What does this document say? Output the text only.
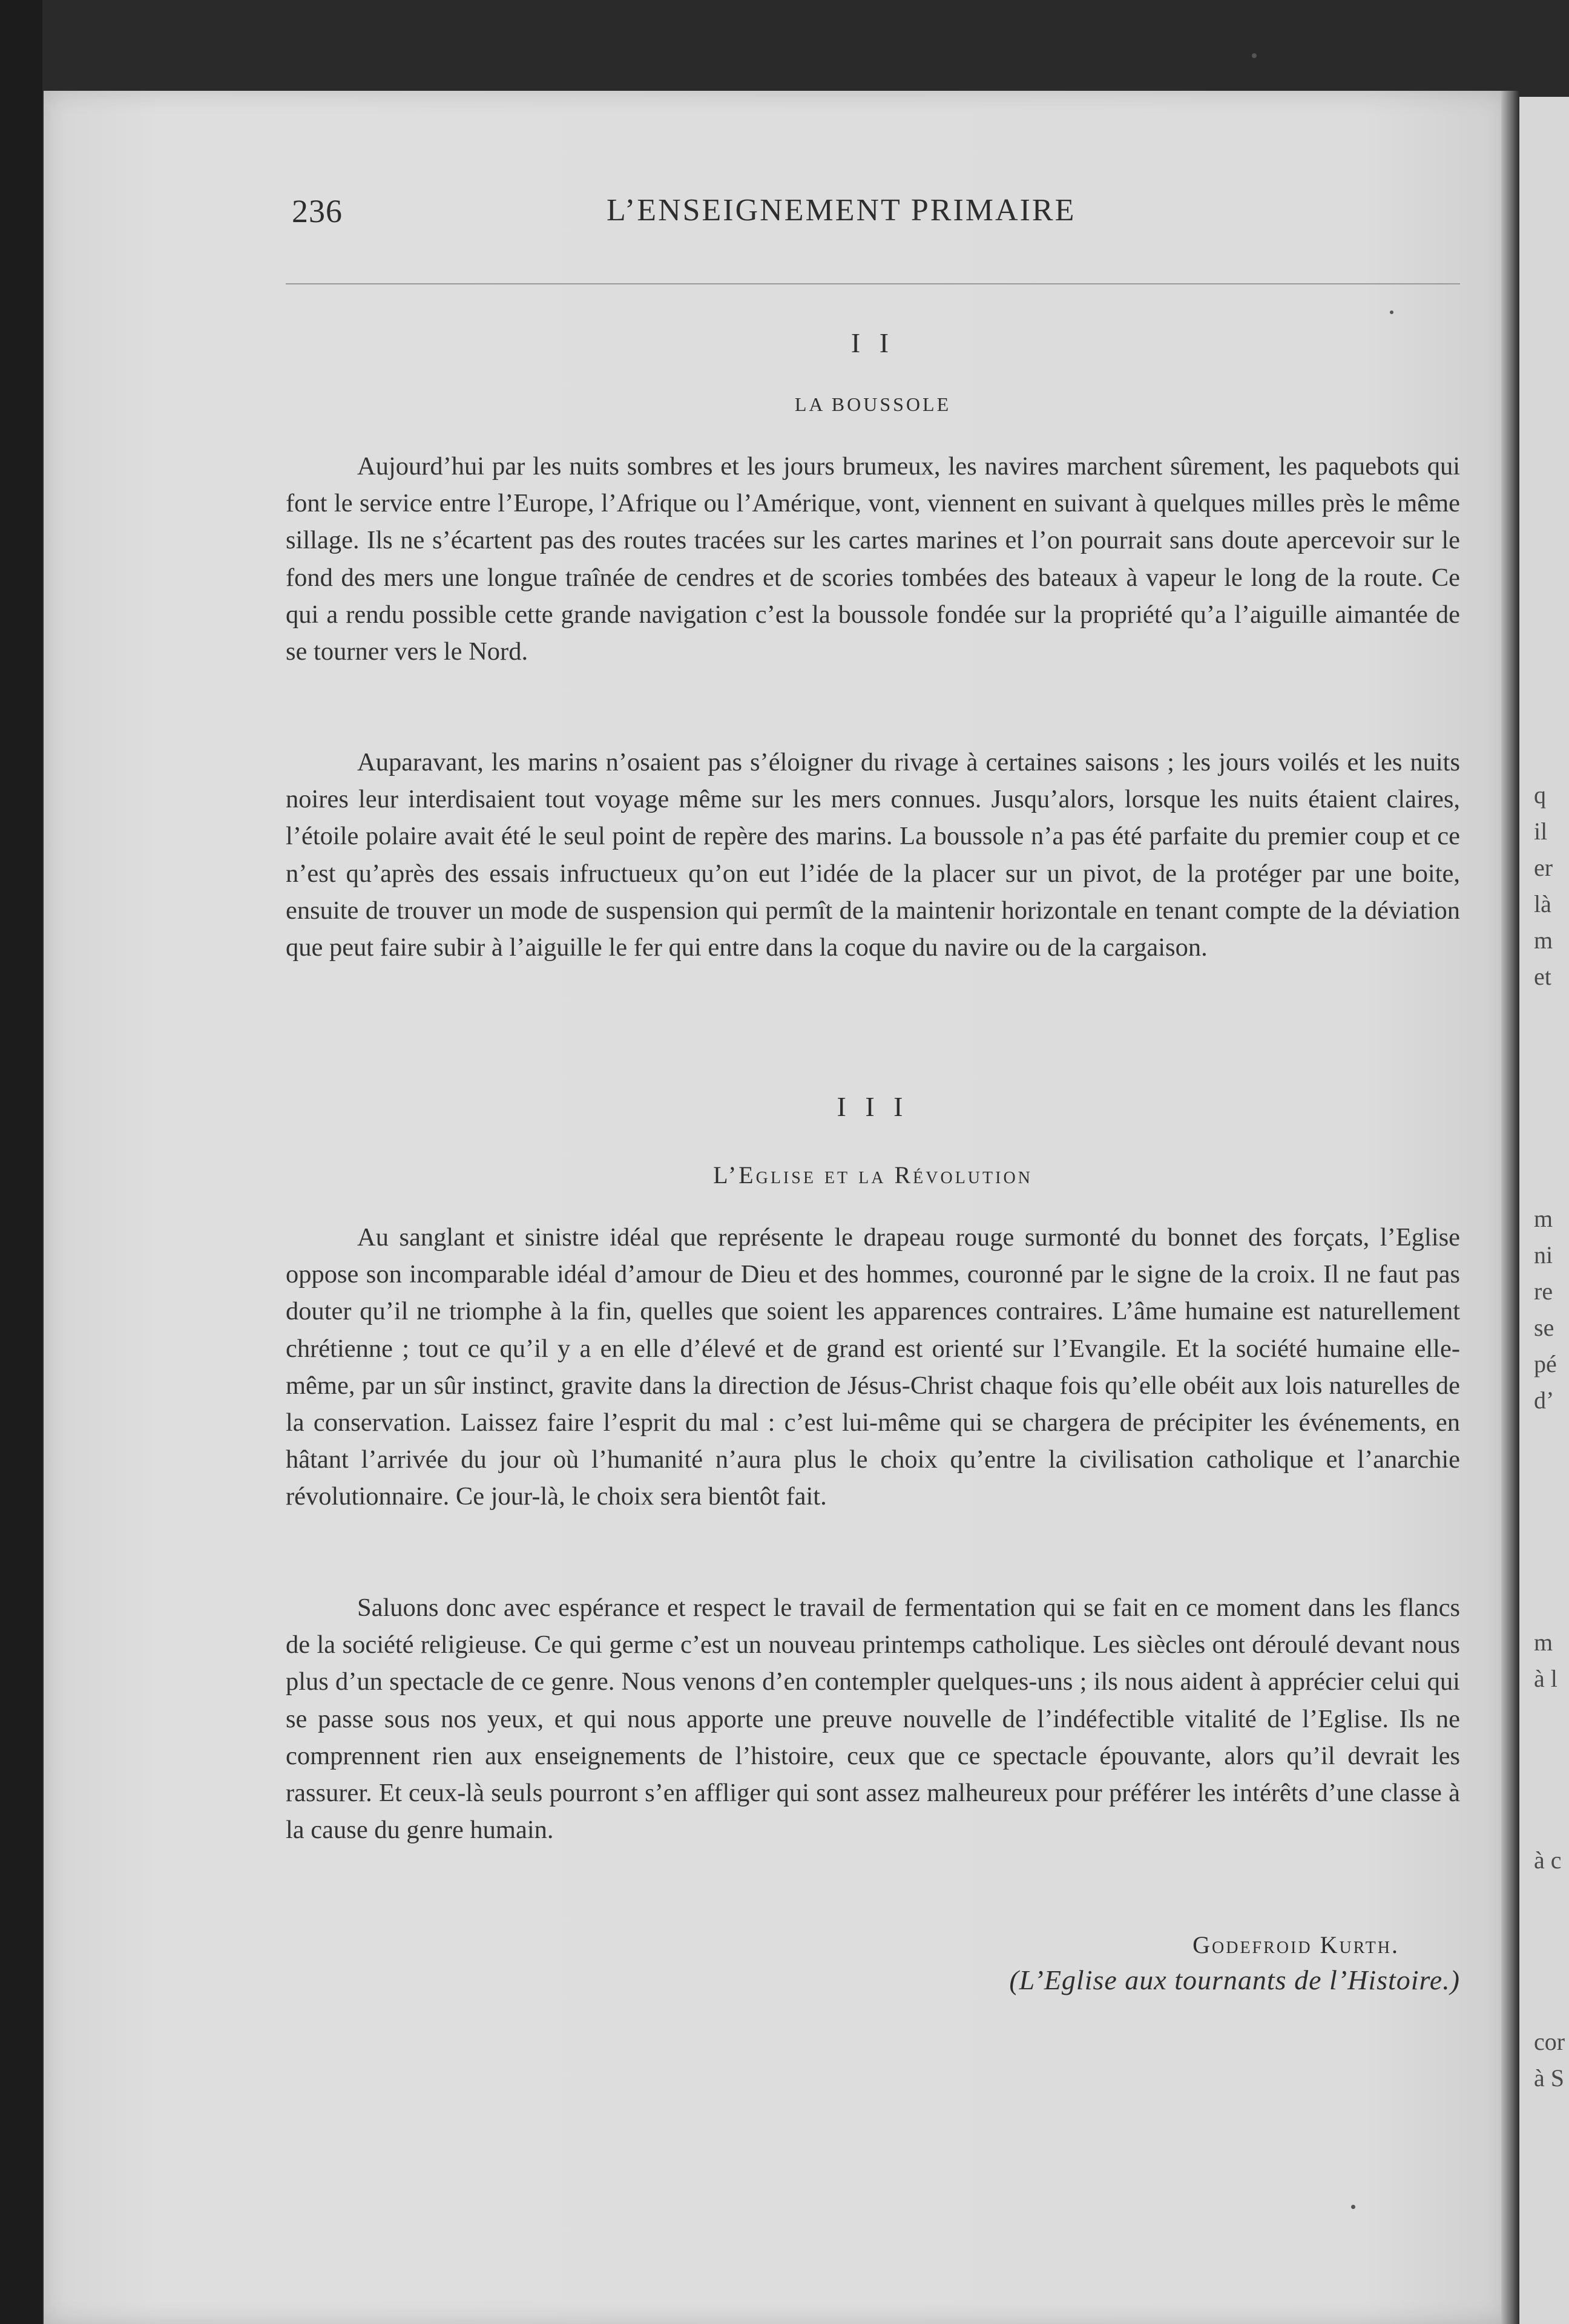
q
il
er
là
m
et
m
ni
re
se
pé
d’
m
à l
à c
cor
à S
236	L’ENSEIGNEMENT PRIMAIRE
I I
LA BOUSSOLE

Aujourd’hui par les nuits sombres et les jours brumeux, les navires marchent sûrement, les paquebots qui font le service entre l’Europe, l’Afrique ou l’Amérique, vont, viennent en suivant à quelques milles près le même sillage. Ils ne s’écartent pas des routes tracées sur les cartes marines et l’on pourrait sans doute apercevoir sur le fond des mers une longue traînée de cendres et de scories tombées des bateaux à vapeur le long de la route. Ce qui a rendu possible cette grande navigation c’est la boussole fondée sur la propriété qu’a l’aiguille aimantée de se tourner vers le Nord.

Auparavant, les marins n’osaient pas s’éloigner du rivage à certaines saisons ; les jours voilés et les nuits noires leur interdisaient tout voyage même sur les mers connues. Jusqu’alors, lorsque les nuits étaient claires, l’étoile polaire avait été le seul point de repère des marins. La boussole n’a pas été parfaite du premier coup et ce n’est qu’après des essais infructueux qu’on eut l’idée de la placer sur un pivot, de la protéger par une boite, ensuite de trouver un mode de suspension qui permît de la maintenir horizontale en tenant compte de la déviation que peut faire subir à l’aiguille le fer qui entre dans la coque du navire ou de la cargaison.

I I I
L’Eglise et la Révolution

Au sanglant et sinistre idéal que représente le drapeau rouge surmonté du bonnet des forçats, l’Eglise oppose son incomparable idéal d’amour de Dieu et des hommes, couronné par le signe de la croix. Il ne faut pas douter qu’il ne triomphe à la fin, quelles que soient les apparences contraires. L’âme humaine est naturellement chrétienne ; tout ce qu’il y a en elle d’élevé et de grand est orienté sur l’Evangile. Et la société humaine elle-même, par un sûr instinct, gravite dans la direction de Jésus-Christ chaque fois qu’elle obéit aux lois naturelles de la conservation. Laissez faire l’esprit du mal : c’est lui-même qui se chargera de précipiter les événements, en hâtant l’arrivée du jour où l’humanité n’aura plus le choix qu’entre la civilisation catholique et l’anarchie révolutionnaire. Ce jour-là, le choix sera bientôt fait.

Saluons donc avec espérance et respect le travail de fermentation qui se fait en ce moment dans les flancs de la société religieuse. Ce qui germe c’est un nouveau printemps catholique. Les siècles ont déroulé devant nous plus d’un spectacle de ce genre. Nous venons d’en contempler quelques-uns ; ils nous aident à apprécier celui qui se passe sous nos yeux, et qui nous apporte une preuve nouvelle de l’indéfectible vitalité de l’Eglise. Ils ne comprennent rien aux enseignements de l’histoire, ceux que ce spectacle épouvante, alors qu’il devrait les rassurer. Et ceux-là seuls pourront s’en affliger qui sont assez malheureux pour préférer les intérêts d’une classe à la cause du genre humain.

Godefroid Kurth.
(L’Eglise aux tournants de l’Histoire.)
